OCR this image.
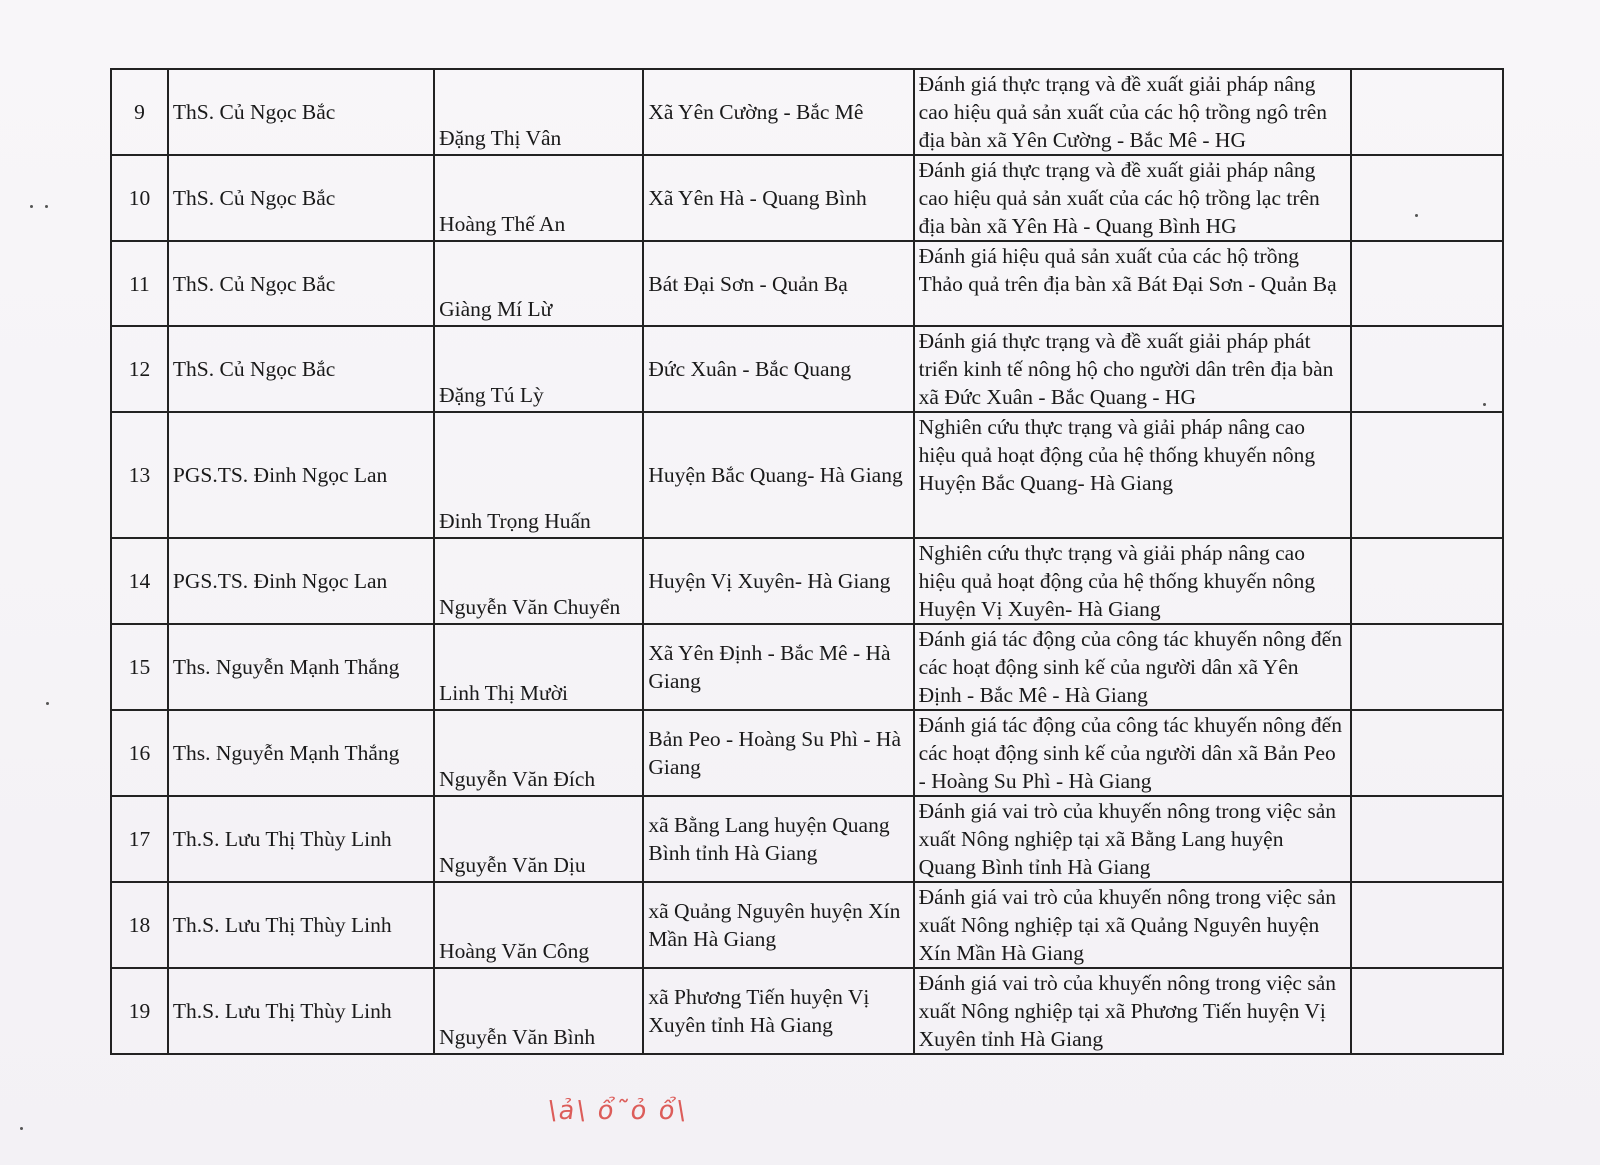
9	ThS. Củ Ngọc Bắc	Đặng Thị Vân	Xã Yên Cường - Bắc Mê	Đánh giá thực trạng và đề xuất giải pháp nâng cao hiệu quả sản xuất của các hộ trồng ngô trên địa bàn xã Yên Cường - Bắc Mê - HG	
10	ThS. Củ Ngọc Bắc	Hoàng Thế An	Xã Yên Hà - Quang Bình	Đánh giá thực trạng và đề xuất giải pháp nâng cao hiệu quả sản xuất của các hộ trồng lạc trên địa bàn xã Yên Hà - Quang Bình HG	
11	ThS. Củ Ngọc Bắc	Giàng Mí Lừ	Bát Đại Sơn - Quản Bạ	Đánh giá hiệu quả sản xuất của các hộ trồng Thảo quả trên địa bàn xã Bát Đại Sơn - Quản Bạ	
12	ThS. Củ Ngọc Bắc	Đặng Tú Lỳ	Đức Xuân - Bắc Quang	Đánh giá thực trạng và đề xuất giải pháp phát triển kinh tế nông hộ cho người dân trên địa bàn xã Đức Xuân - Bắc Quang - HG	
13	PGS.TS. Đinh Ngọc Lan	Đinh Trọng Huấn	Huyện Bắc Quang- Hà Giang	Nghiên cứu thực trạng và giải pháp nâng cao hiệu quả hoạt động của hệ thống khuyến nông Huyện Bắc Quang- Hà Giang	
14	PGS.TS. Đinh Ngọc Lan	Nguyễn Văn Chuyển	Huyện Vị Xuyên- Hà Giang	Nghiên cứu thực trạng và giải pháp nâng cao hiệu quả hoạt động của hệ thống khuyến nông Huyện Vị Xuyên- Hà Giang	
15	Ths. Nguyễn Mạnh Thắng	Linh Thị Mười	Xã Yên Định - Bắc Mê - Hà Giang	Đánh giá tác động của công tác khuyến nông đến các hoạt động sinh kế của người dân xã Yên Định - Bắc Mê - Hà Giang	
16	Ths. Nguyễn Mạnh Thắng	Nguyễn Văn Đích	Bản Peo - Hoàng Su Phì - Hà Giang	Đánh giá tác động của công tác khuyến nông đến các hoạt động sinh kế của người dân xã Bản Peo - Hoàng Su Phì - Hà Giang	
17	Th.S. Lưu Thị Thùy Linh	Nguyễn Văn Dịu	xã Bằng Lang huyện Quang Bình tỉnh Hà Giang	Đánh giá vai trò của khuyến nông trong việc sản xuất Nông nghiệp tại xã Bằng Lang huyện Quang Bình tỉnh Hà Giang	
18	Th.S. Lưu Thị Thùy Linh	Hoàng Văn Công	xã Quảng Nguyên huyện Xín Mần Hà Giang	Đánh giá vai trò của khuyến nông trong việc sản xuất Nông nghiệp tại xã Quảng Nguyên huyện Xín Mần Hà Giang	
19	Th.S. Lưu Thị Thùy Linh	Nguyễn Văn Bình	xã Phương Tiến huyện Vị Xuyên tỉnh Hà Giang	Đánh giá vai trò của khuyến nông trong việc sản xuất Nông nghiệp tại xã Phương Tiến huyện Vị Xuyên tỉnh Hà Giang	
\ả\ ổ˜ỏ ổ\
